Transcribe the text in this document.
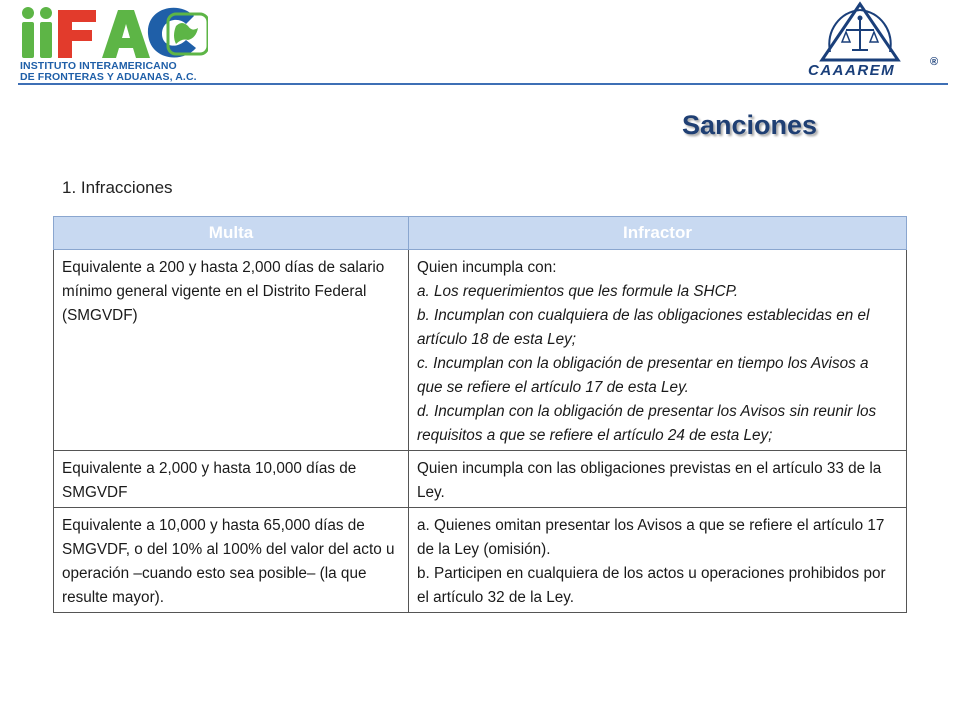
INSTITUTO INTERAMERICANO
DE FRONTERAS Y ADUANAS, A.C.	CAAAREM	®
Sanciones
1. Infracciones
Multa	Infractor
Equivalente a 200 y hasta 2,000 días de salario mínimo general vigente en el Distrito Federal (SMGVDF)	Quien incumpla con:
a. Los requerimientos que les formule la SHCP.
b. Incumplan con cualquiera de las obligaciones establecidas en el artículo 18 de esta Ley;
c. Incumplan con la obligación de presentar en tiempo los Avisos a que se refiere el artículo 17 de esta Ley.
d. Incumplan con la obligación de presentar los Avisos sin reunir los requisitos a que se refiere el artículo 24 de esta Ley;

Equivalente a 2,000 y hasta 10,000 días de SMGVDF	Quien incumpla con las obligaciones previstas en el artículo 33 de la Ley.
Equivalente a 10,000 y hasta 65,000 días de SMGVDF, o del 10% al 100% del valor del acto u operación –cuando esto sea posible– (la que resulte mayor).	a. Quienes omitan presentar los Avisos a que se refiere el artículo 17 de la Ley (omisión).
b. Participen en cualquiera de los actos u operaciones prohibidos por el artículo 32 de la Ley.
